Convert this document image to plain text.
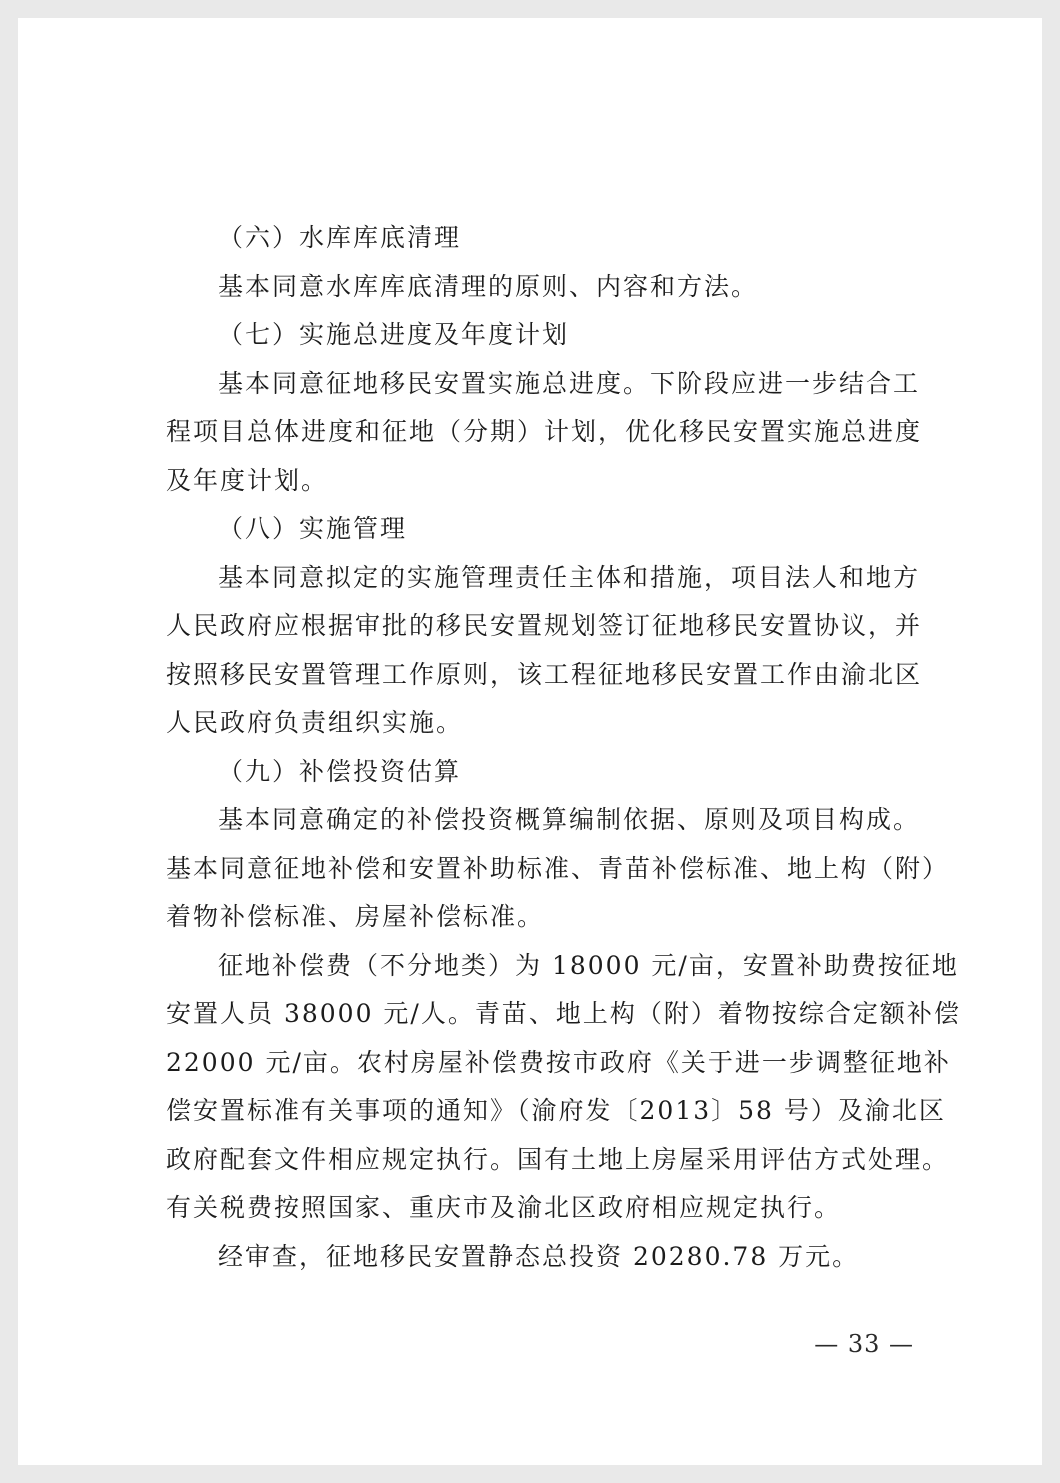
（六）水库库底清理
基本同意水库库底清理的原则、内容和方法。
（七）实施总进度及年度计划
基本同意征地移民安置实施总进度。下阶段应进一步结合工
程项目总体进度和征地（分期）计划，优化移民安置实施总进度
及年度计划。
（八）实施管理
基本同意拟定的实施管理责任主体和措施，项目法人和地方
人民政府应根据审批的移民安置规划签订征地移民安置协议，并
按照移民安置管理工作原则，该工程征地移民安置工作由渝北区
人民政府负责组织实施。
（九）补偿投资估算
基本同意确定的补偿投资概算编制依据、原则及项目构成。
基本同意征地补偿和安置补助标准、青苗补偿标准、地上构（附）
着物补偿标准、房屋补偿标准。
征地补偿费（不分地类）为 18000 元/亩，安置补助费按征地
安置人员 38000 元/人。青苗、地上构（附）着物按综合定额补偿
22000 元/亩。农村房屋补偿费按市政府《关于进一步调整征地补
偿安置标准有关事项的通知》（渝府发〔2013〕58 号）及渝北区
政府配套文件相应规定执行。国有土地上房屋采用评估方式处理。
有关税费按照国家、重庆市及渝北区政府相应规定执行。
经审查，征地移民安置静态总投资 20280.78 万元。
— 33 —
